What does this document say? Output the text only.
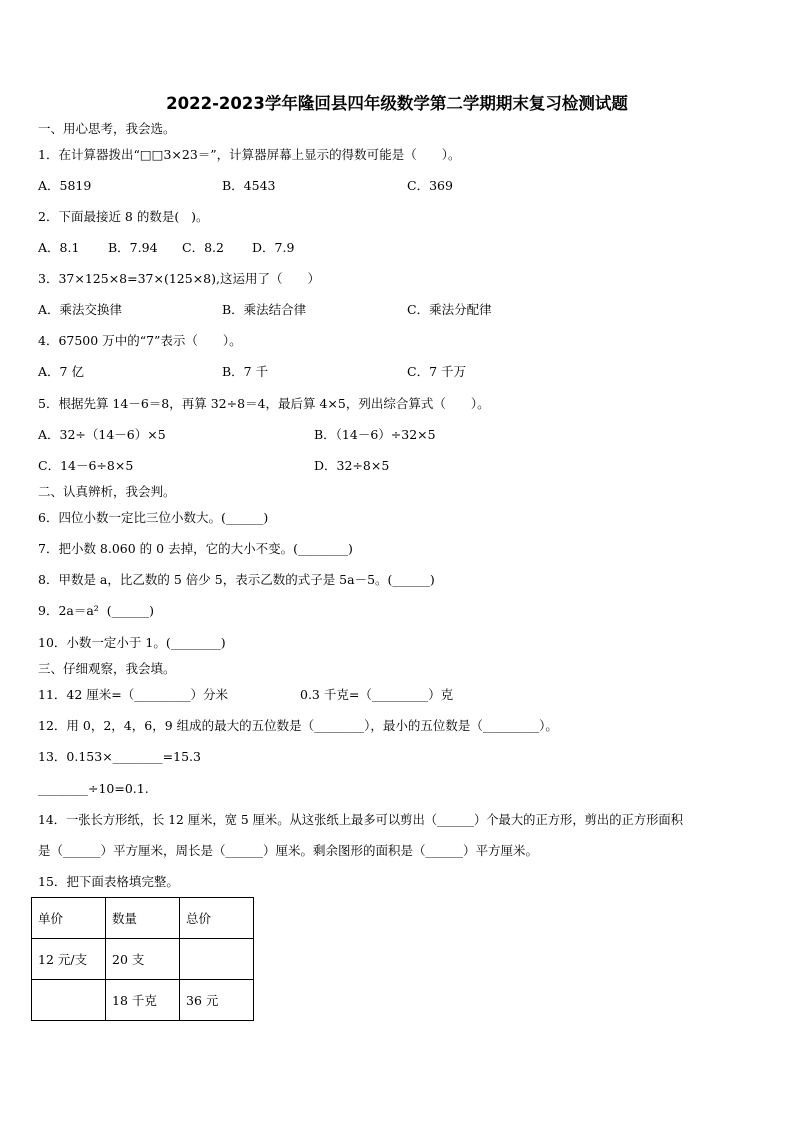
2022-2023学年隆回县四年级数学第二学期期末复习检测试题
一、用心思考，我会选。
1．在计算器拨出“□□3×23＝”，计算器屏幕上显示的得数可能是（　　）。
A．5819	B．4543	C．369
2．下面最接近 8 的数是(   )。
A．8.1 B．7.94 C．8.2 D．7.9
3．37×125×8=37×(125×8),这运用了（　　）
A．乘法交换律	B．乘法结合律	C．乘法分配律
4．67500 万中的“7”表示（　　）。
A．7 亿	B．7 千	C．7 千万
5．根据先算 14－6＝8，再算 32÷8＝4，最后算 4×5，列出综合算式（　　）。
A．32÷（14－6）×5	B．（14－6）÷32×5
C．14－6÷8×5	D．32÷8×5
二、认真辨析，我会判。
6．四位小数一定比三位小数大。(______)
7．把小数 8.060 的 0 去掉，它的大小不变。(________)
8．甲数是 a，比乙数的 5 倍少 5，表示乙数的式子是 5a－5。(______)
9．2a＝a²  (______)
10．小数一定小于 1。(________)
三、仔细观察，我会填。
11．42 厘米=（_________）分米	0.3 千克=（_________）克
12．用 0，2，4，6，9 组成的最大的五位数是（________），最小的五位数是（_________）。
13．0.153×________=15.3
________÷10=0.1.
14．一张长方形纸，长 12 厘米，宽 5 厘米。从这张纸上最多可以剪出（______）个最大的正方形，剪出的正方形面积
是（______）平方厘米，周长是（______）厘米。剩余图形的面积是（______）平方厘米。
15．把下面表格填完整。
单价	数量	总价
12 元/支	20 支	
	18 千克	36 元
